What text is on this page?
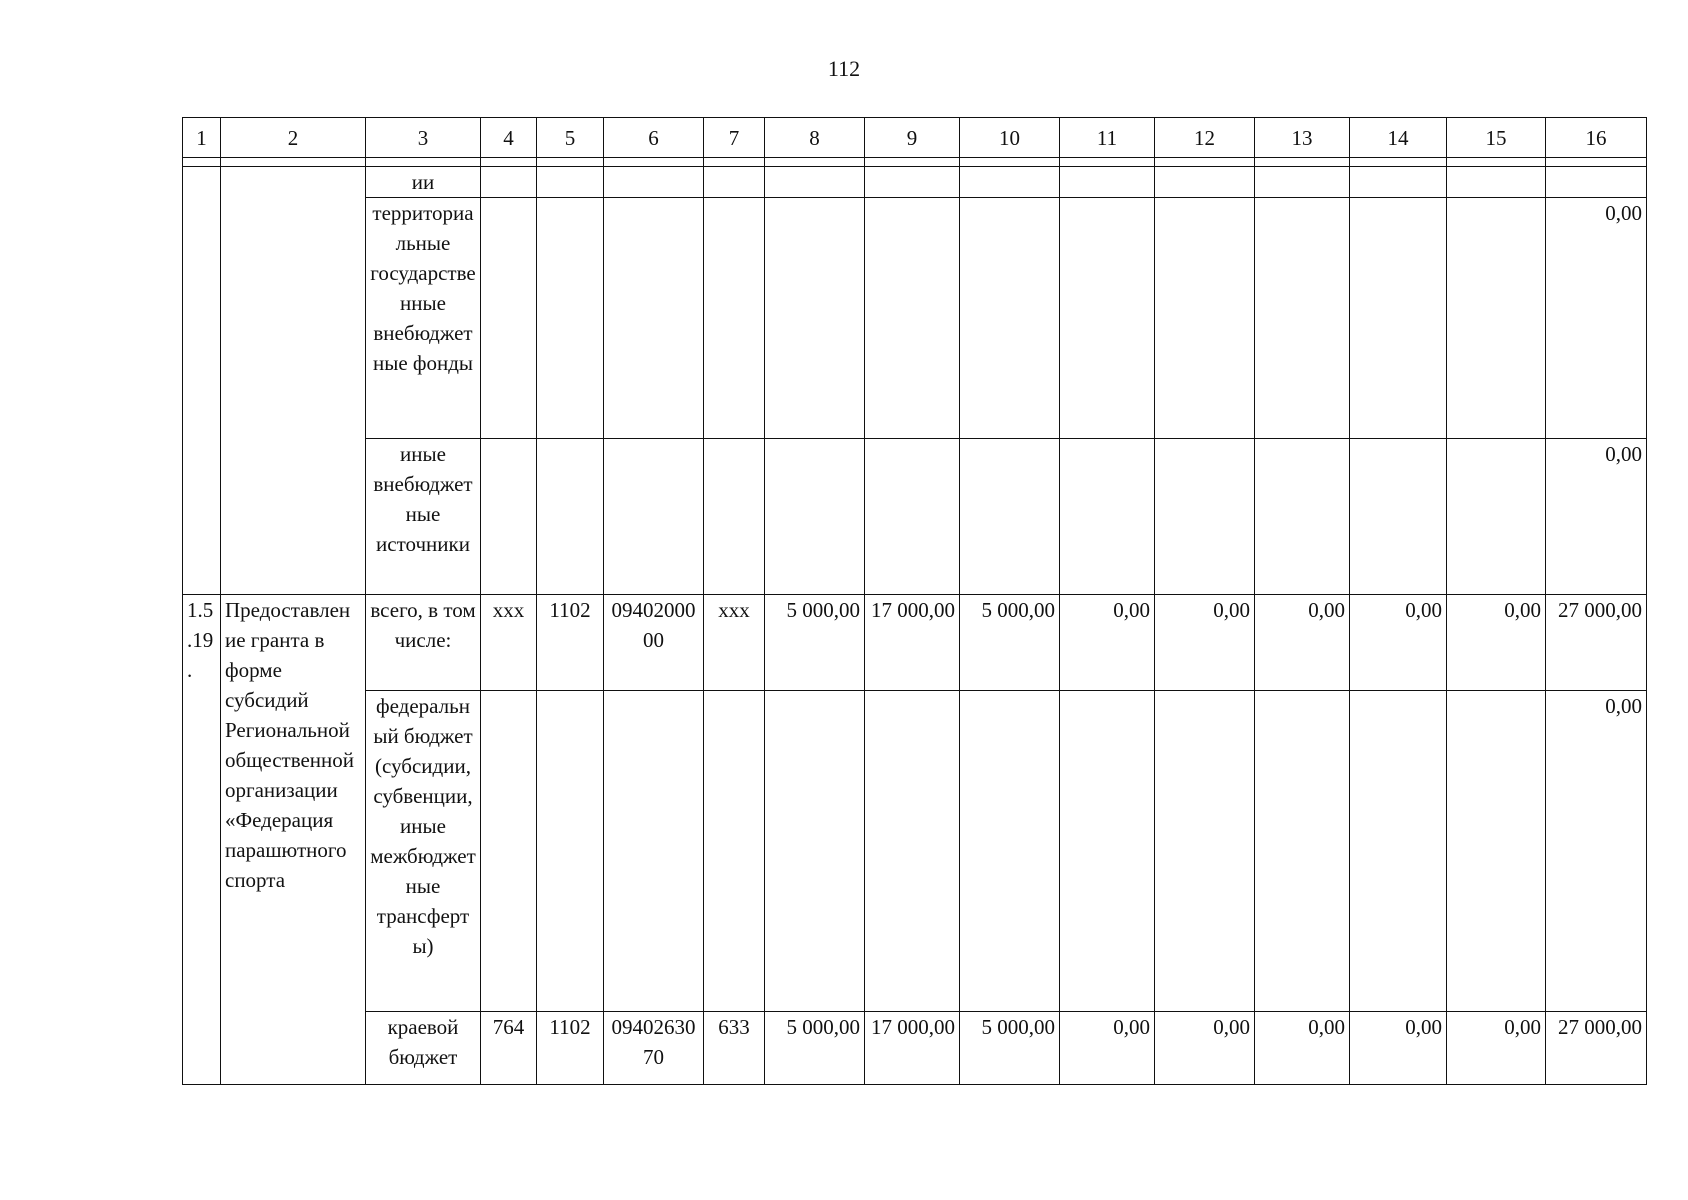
112
1	2	3	4	5	6	7	8	9	10	11	12	13	14	15	16

		ии													
		территориальные государственные внебюджетные фонды													0,00
		иные внебюджетные источники													0,00
1.5.19.	Предоставление гранта в форме субсидий Региональной общественной организации «Федерация парашютного спорта	всего, в том числе:	ххх	1102	0940200000	ххх	5 000,00	17 000,00	5 000,00	0,00	0,00	0,00	0,00	0,00	27 000,00
		федеральный бюджет (субсидии, субвенции, иные межбюджетные трансферты)													0,00
		краевой бюджет	764	1102	0940263070	633	5 000,00	17 000,00	5 000,00	0,00	0,00	0,00	0,00	0,00	27 000,00
